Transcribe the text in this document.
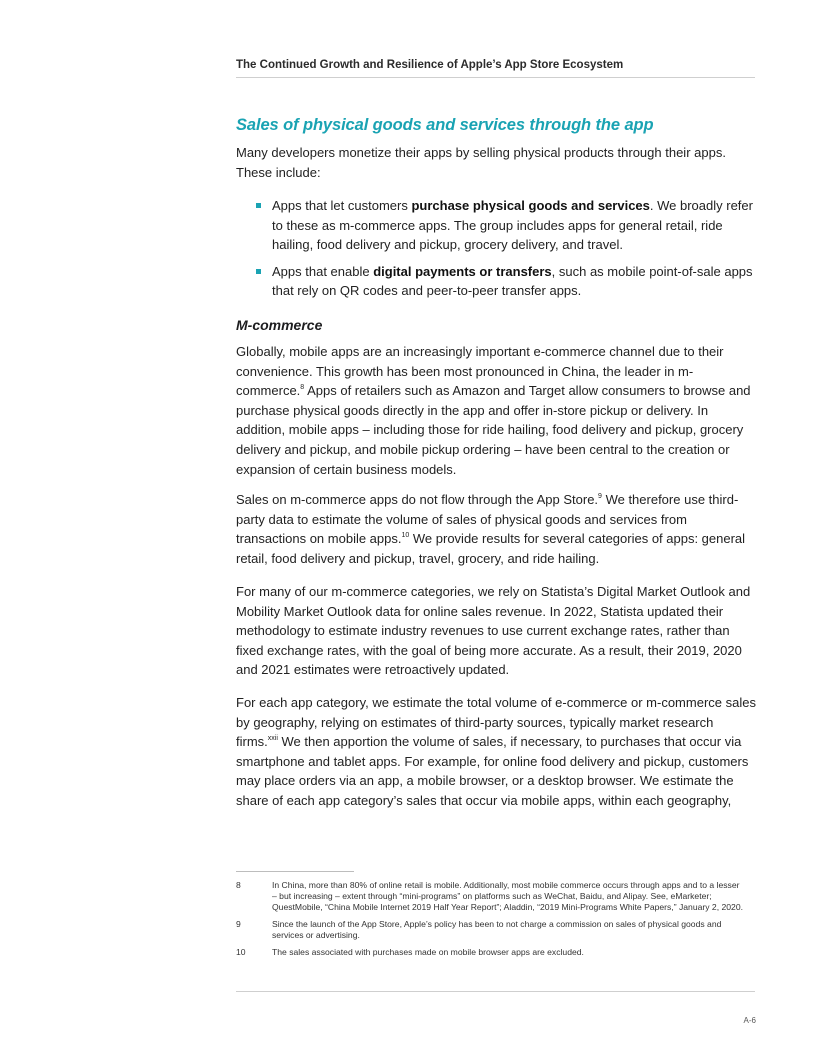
The Continued Growth and Resilience of Apple’s App Store Ecosystem
Sales of physical goods and services through the app

Many developers monetize their apps by selling physical products through their apps. These include:

Apps that let customers purchase physical goods and services. We broadly refer to these as m-commerce apps. The group includes apps for general retail, ride hailing, food delivery and pickup, grocery delivery, and travel.
Apps that enable digital payments or transfers, such as mobile point-of-sale apps that rely on QR codes and peer-to-peer transfer apps.
M-commerce

Globally, mobile apps are an increasingly important e-commerce channel due to their convenience. This growth has been most pronounced in China, the leader in m-commerce.$^8$ Apps of retailers such as Amazon and Target allow consumers to browse and purchase physical goods directly in the app and offer in-store pickup or delivery. In addition, mobile apps – including those for ride hailing, food delivery and pickup, grocery delivery and pickup, and mobile pickup ordering – have been central to the creation or expansion of certain business models.

Sales on m-commerce apps do not flow through the App Store.$^9$ We therefore use third-party data to estimate the volume of sales of physical goods and services from transactions on mobile apps.$^{10}$ We provide results for several categories of apps: general retail, food delivery and pickup, travel, grocery, and ride hailing.

For many of our m-commerce categories, we rely on Statista’s Digital Market Outlook and Mobility Market Outlook data for online sales revenue. In 2022, Statista updated their methodology to estimate industry revenues to use current exchange rates, rather than fixed exchange rates, with the goal of being more accurate. As a result, their 2019, 2020 and 2021 estimates were retroactively updated.

For each app category, we estimate the total volume of e-commerce or m-commerce sales by geography, relying on estimates of third-party sources, typically market research firms.$^{xxii}$ We then apportion the volume of sales, if necessary, to purchases that occur via smartphone and tablet apps. For example, for online food delivery and pickup, customers may place orders via an app, a mobile browser, or a desktop browser. We estimate the share of each app category’s sales that occur via mobile apps, within each geography,

8	In China, more than 80% of online retail is mobile. Additionally, most mobile commerce occurs through apps and to a lesser – but increasing – extent through “mini-programs” on platforms such as WeChat, Baidu, and Alipay. See, eMarketer; QuestMobile, “China Mobile Internet 2019 Half Year Report”; Aladdin, “2019 Mini-Programs White Papers,” January 2, 2020.
9	Since the launch of the App Store, Apple’s policy has been to not charge a commission on sales of physical goods and services or advertising.
10	The sales associated with purchases made on mobile browser apps are excluded.
A-6
